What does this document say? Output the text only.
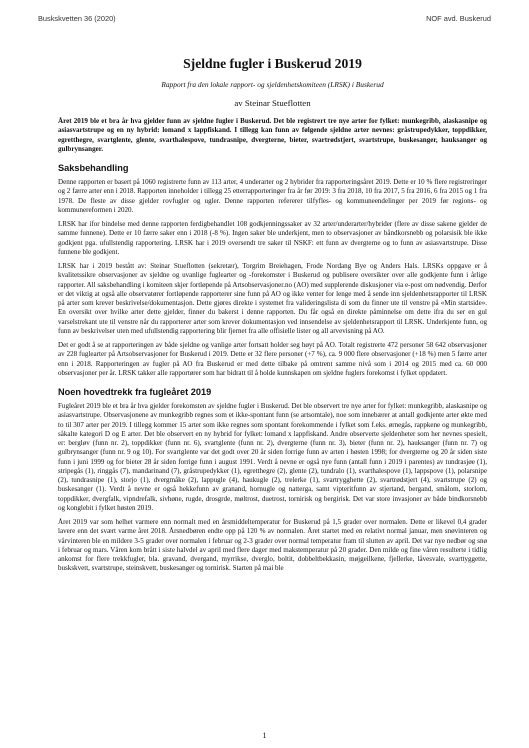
Buskskvetten 36 (2020)	NOF avd. Buskerud
Sjeldne fugler i Buskerud 2019
Rapport fra den lokale rapport- og sjeldenhetskomiteen (LRSK) i Buskerud
av Steinar Stueflotten

Året 2019 ble et bra år hva gjelder funn av sjeldne fugler i Buskerud. Det ble registrert tre nye arter for fylket: munkegribb, alaskasnipe og asiasvartstrupe og en ny hybrid: lomand x lappfiskand. I tillegg kan funn av følgende sjeldne arter nevnes: gråstrupedykker, toppdikker, egretthegre, svartglente, glente, svarthalespove, tundrasnipe, dvergterne, bieter, svartrødstjert, svartstrupe, buskesanger, hauksanger og gulbrynsanger.

Saksbehandling

Denne rapporten er basert på 1060 registrerte funn av 113 arter, 4 underarter og 2 hybrider fra rapporteringsåret 2019. Dette er 10 % flere registreringer og 2 færre arter enn i 2018. Rapporten inneholder i tillegg 25 etterrapporteringer fra år før 2019: 3 fra 2018, 10 fra 2017, 5 fra 2016, 6 fra 2015 og 1 fra 1978. De fleste av disse gjelder rovfugler og ugler. Denne rapporten refererer tilfyfles- og kommuneendelinger per 2019 før regions- og kommunereformen i 2020.

LRSK har ifor bindelse med denne rapporten ferdigbehandlet 108 godkjenningssaker av 32 arter/underarter/hybrider (flere av disse sakene gjelder de samme funnene). Dette er 10 færre saker enn i 2018 (-8 %). Ingen saker ble underkjent, men to observasjoner av båndkorsnebb og polarsisik ble ikke godkjent pga. ufullstendig rapportering. LRSK har i 2019 oversendt tre saker til NSKF: ett funn av dvergterne og to funn av asiasvartstrupe. Disse funnene ble godkjent.

LRSK har i 2019 bestått av: Steinar Stueflotten (sekretær), Torgrim Breiehagen, Frode Nordang Bye og Anders Hals. LRSKs oppgave er å kvalitetssikre observasjoner av sjeldne og uvanlige fuglearter og -forekomster i Buskerud og publisere oversikter over alle godkjente funn i årlige rapporter. All saksbehandling i komiteen skjer fortløpende på Artsobservasjoner.no (AO) med supplerende diskusjoner via e-post om nødvendig. Derfor er det viktig at også alle observatører fortløpende rapporterer sine funn på AO og ikke venter for lenge med å sende inn sjeldenhetsrapporter til LRSK på arter som krever beskrivelse/dokumentasjon. Dette gjøres direkte i systemet fra valideringslista di som du finner ute til venstre på «Min startside». En oversikt over hvilke arter dette gjelder, finner du bakerst i denne rapporten. Du får også en direkte påminnelse om dette ifra du ser en gul varselstrekant ute til venstre når du rapporterer arter som krever dokumentasjon ved innsendelse av sjeldenhetsrapport til LRSK. Underkjente funn, og funn av beskrivelser uten med ufullstendig rapportering blir fjernet fra alle offisielle lister og all arvevisning på AO.

Det er godt å se at rapporteringen av både sjeldne og vanlige arter fortsatt holder seg høyt på AO. Totalt registrerte 472 personer 58 642 observasjoner av 228 fuglearter på Artsobservasjoner for Buskerud i 2019. Dette er 32 flere personer (+7 %), ca. 9 000 flere observasjoner (+18 %) men 5 færre arter enn i 2018. Rapporteringen av fugler på AO fra Buskerud er med dette tilbake på omtrent samme nivå som i 2014 og 2015 med ca. 60 000 observasjoner per år. LRSK takker alle rapportører som har bidratt til å holde kunnskapen om sjeldne fuglers forekomst i fylket oppdatert.

Noen hovedtrekk fra fugleåret 2019

Fugleåret 2019 ble et bra år hva gjelder forekomsten av sjeldne fugler i Buskerud. Det ble observert tre nye arter for fylket: munkegribb, alaskasnipe og asiasvartstrupe. Observasjonene av munkegribb regnes som et ikke-spontant funn (se artsomtale), noe som innebærer at antall godkjente arter økte med to til 307 arter per 2019. I tillegg kommer 15 arter som ikke regnes som spontant forekommende i fylket som f.eks. ørnegås, rappkene og munkegribb, såkalte kategori D og E arter. Det ble observert en ny hybrid for fylket: lomand x lappfiskand. Andre observerte sjeldenheter som her nevnes spesielt, er: bergløv (funn nr. 2), toppdikker (funn nr. 6), svartglente (funn nr. 2), dvergterne (funn nr. 3), bieter (funn nr. 2), hauksanger (funn nr. 7) og gulbrynsanger (funn nr. 9 og 10). For svartglente var det godt over 20 år siden forrige funn av arten i høsten 1998; for dvergterne og 20 år siden siste funn i juni 1999 og for bieter 28 år siden forrige funn i august 1991. Verdt å nevne er også nye funn (antall funn i 2019 i parentes) av tundrasjøe (1), stripegås (1), ringgås (7), mandarinand (7), gråstrupedykker (1), egretthegre (2), glente (2), tundralo (1), svarthalespove (1), lappspove (1), polarsnipe (2), tundrasnipe (1), storjo (1), dvergmåke (2), lappugle (4), haukugle (2), trelerke (1), svartrygghette (2), svartrødstjert (4), svartstrupe (2) og buskesanger (1). Verdt å nevne er også hekkefunn av granand, hornugle og natterga, samt vipteritfunn av stjertand, bergand, smålom, storlom, toppdikker, dvergfalk, vipndrefalk, sivhøne, rugde, drosgrde, møltrost, duetrost, tornirisk og bergirisk. Det var store invasjoner av både bindkorsnebb og konglebit i fylket høsten 2019.

Året 2019 var som helhet varmere enn normalt med en årsmiddeltemperatur for Buskerud på 1,5 grader over normalen. Dette er likevel 0,4 grader lavere enn det svært varme året 2018. Årsnedbøren endte opp på 120 % av normalen. Året startet med en relativt normal januar, men snøvinteren og vårvinteren ble en mildere 3-5 grader over normalen i februar og 2-3 grader over normal temperatur fram til slutten av april. Det var nye nedbør og snø i februar og mars. Våren kom brått i siste halvdel av april med flere dager med makstemperatur på 20 grader. Den milde og fine våren resulterte i tidlig ankomst for flere trekkfugler, bla. gravand, dvergand, myrrikse, dverglo, boltit, dobbeltbekkasin, møjgeilkene, fjellerke, låvesvale, svarttyggette, buskskvett, svartstrupe, steinskvett, buskesanger og tornirisk. Starten på mai ble

1
